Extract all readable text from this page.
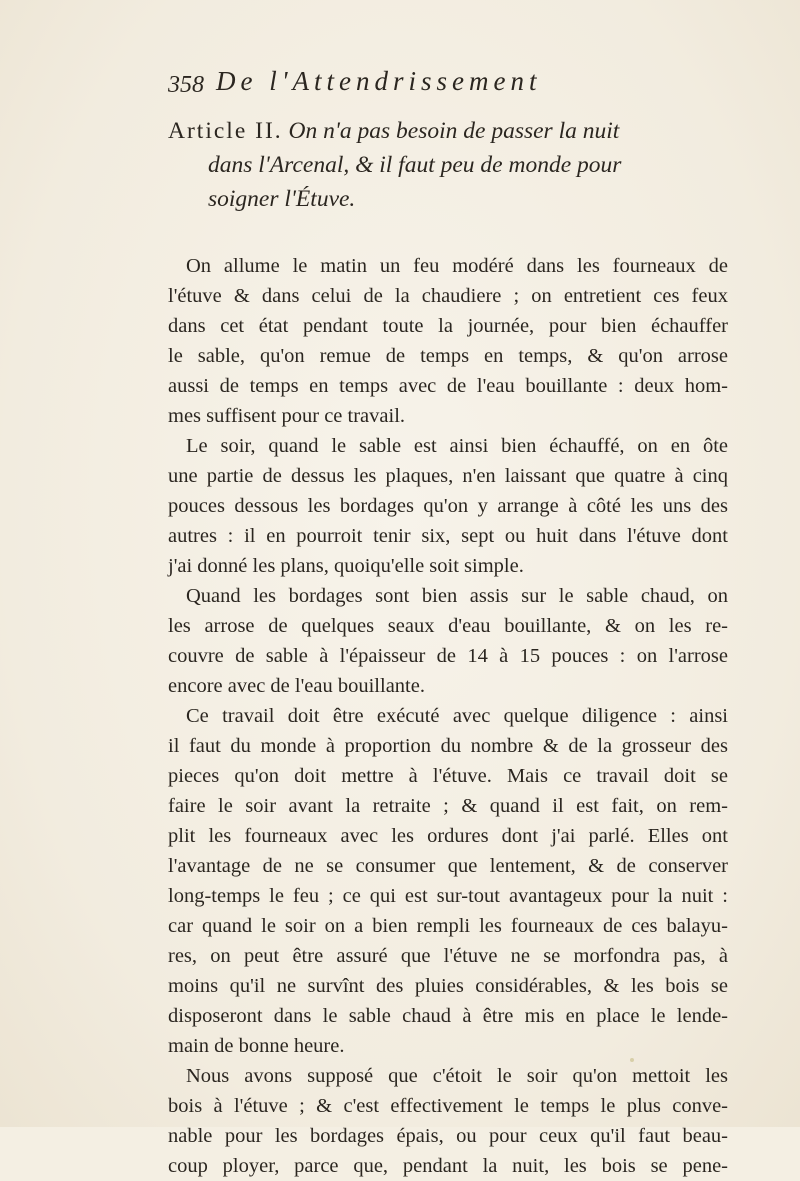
358 De l'Attendrissement
Article II. On n'a pas besoin de passer la nuit
dans l'Arcenal, & il faut peu de monde pour
soigner l'Étuve.
On allume le matin un feu modéré dans les fourneaux de
l'étuve & dans celui de la chaudiere ; on entretient ces feux
dans cet état pendant toute la journée, pour bien échauffer
le sable, qu'on remue de temps en temps, & qu'on arrose
aussi de temps en temps avec de l'eau bouillante : deux hom-
mes suffisent pour ce travail.
Le soir, quand le sable est ainsi bien échauffé, on en ôte
une partie de dessus les plaques, n'en laissant que quatre à cinq
pouces dessous les bordages qu'on y arrange à côté les uns des
autres : il en pourroit tenir six, sept ou huit dans l'étuve dont
j'ai donné les plans, quoiqu'elle soit simple.
Quand les bordages sont bien assis sur le sable chaud, on
les arrose de quelques seaux d'eau bouillante, & on les re-
couvre de sable à l'épaisseur de 14 à 15 pouces : on l'arrose
encore avec de l'eau bouillante.
Ce travail doit être exécuté avec quelque diligence : ainsi
il faut du monde à proportion du nombre & de la grosseur des
pieces qu'on doit mettre à l'étuve. Mais ce travail doit se
faire le soir avant la retraite ; & quand il est fait, on rem-
plit les fourneaux avec les ordures dont j'ai parlé. Elles ont
l'avantage de ne se consumer que lentement, & de conserver
long-temps le feu ; ce qui est sur-tout avantageux pour la nuit :
car quand le soir on a bien rempli les fourneaux de ces balayu-
res, on peut être assuré que l'étuve ne se morfondra pas, à
moins qu'il ne survînt des pluies considérables, & les bois se
disposeront dans le sable chaud à être mis en place le lende-
main de bonne heure.
Nous avons supposé que c'étoit le soir qu'on mettoit les
bois à l'étuve ; & c'est effectivement le temps le plus conve-
nable pour les bordages épais, ou pour ceux qu'il faut beau-
coup ployer, parce que, pendant la nuit, les bois se pene-
